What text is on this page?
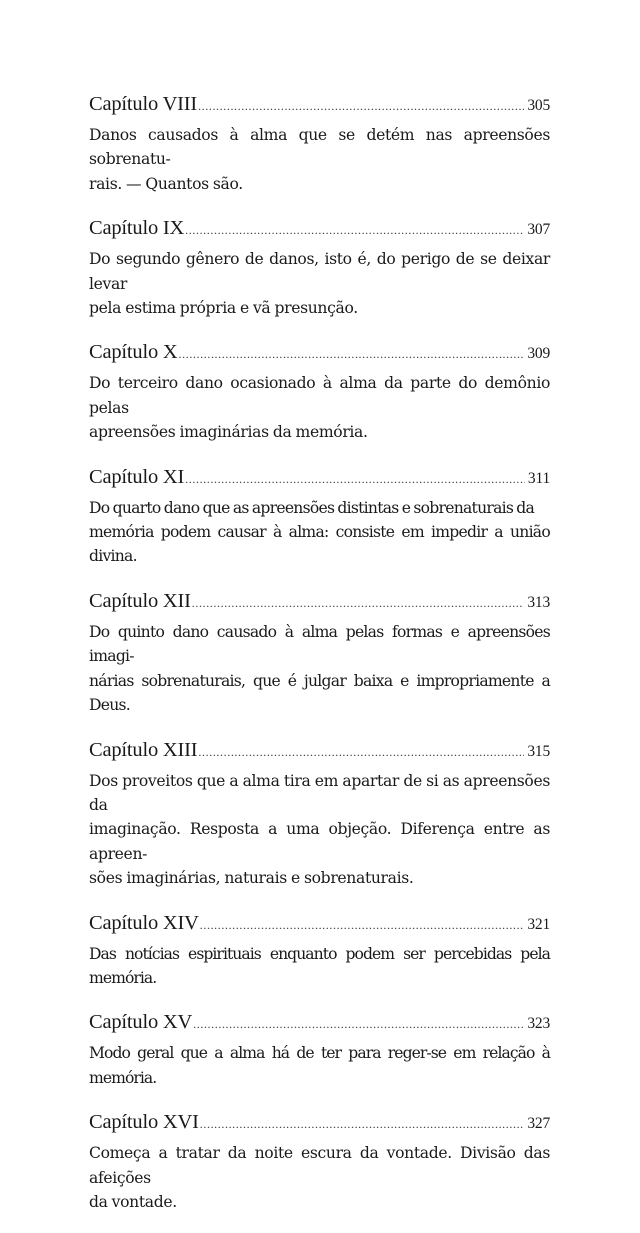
Capítulo VIII .....	305
Danos causados à alma que se detém nas apreensões sobrenatu-
rais. — Quantos são.
Capítulo IX .....	307
Do segundo gênero de danos, isto é, do perigo de se deixar levar
pela estima própria e vã presunção.
Capítulo X .....	309
Do terceiro dano ocasionado à alma da parte do demônio pelas
apreensões imaginárias da memória.
Capítulo XI .....	311
Do quarto dano que as apreensões distintas e sobrenaturais da
memória podem causar à alma: consiste em impedir a união divina.
Capítulo XII .....	313
Do quinto dano causado à alma pelas formas e apreensões imagi-
nárias sobrenaturais, que é julgar baixa e impropriamente a Deus.
Capítulo XIII .....	315
Dos proveitos que a alma tira em apartar de si as apreensões da
imaginação. Resposta a uma objeção. Diferença entre as apreen-
sões imaginárias, naturais e sobrenaturais.
Capítulo XIV .....	321
Das notícias espirituais enquanto podem ser percebidas pela memória.
Capítulo XV .....	323
Modo geral que a alma há de ter para reger-se em relação à memória.
Capítulo XVI .....	327
Começa a tratar da noite escura da vontade. Divisão das afeições
da vontade.
